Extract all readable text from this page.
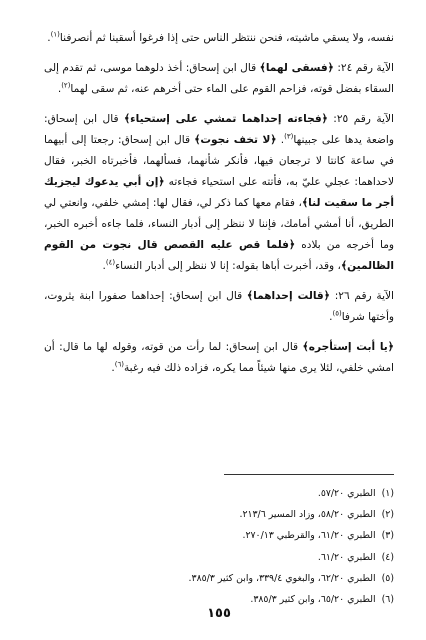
نفسه، ولا يسقي ماشيته، فنحن ننتظر الناس حتى إذا فرغوا أسقينا ثم أنصرفنا$^{(١)}$.

الآية رقم ٢٤: ﴿فسقى لهما﴾ قال ابن إسحاق: أخذ دلوهما موسى، ثم تقدم إلى السقاء بفضل قوته، فزاحم القوم على الماء حتى أخرهم عنه، ثم سقى لهما$^{(٢)}$.

الآية رقم ٢٥: ﴿فجاءته إحداهما تمشي على إستحياء﴾ قال ابن إسحاق: واضعة يدها على جبينها$^{(٣)}$. ﴿لا تخف نجوت﴾ قال ابن إسحاق: رجعتا إلى أبيهما في ساعة كانتا لا ترجعان فيها، فأنكر شأنهما، فسألهما، فأخبرتاه الخبر، فقال لاحداهما: عجلي عليّ به، فأتته على استحياء فجاءته ﴿إن أبي يدعوك ليجزيك أجر ما سقيت لنا﴾، فقام معها كما ذكر لي، فقال لها: إمشي خلفي، وانعتي لي الطريق، أنا أمشي أمامك، فإننا لا ننظر إلى أدبار النساء، فلما جاءه أخبره الخبر، وما أخرجه من بلاده ﴿فلما قص عليه القصص قال نجوت من القوم الظالمين﴾، وقد، أخبرت أباها بقوله: إنا لا ننظر إلى أدبار النساء$^{(٤)}$.

الآية رقم ٢٦: ﴿قالت إحداهما﴾ قال ابن إسحاق: إحداهما صفورا ابنة يثروت، وأختها شرفا$^{(٥)}$.

﴿يا أبت إستأجره﴾ قال ابن إسحاق: لما رأت من قوته، وقوله لها ما قال: أن امشي خلفي، لئلا يرى منها شيئاً مما يكره، فزاده ذلك فيه رغبة$^{(٦)}$.

(١)الطبري ٥٧/٢٠.
(٢)الطبري ٥٨/٢٠، وزاد المسير ٢١٣/٦.
(٣)الطبري ٦١/٢٠، والقرطبي ٢٧٠/١٣.
(٤)الطبري ٦١/٢٠.
(٥)الطبري ٦٢/٢٠، والبغوي ٣٣٩/٤، وابن كثير ٣٨٥/٣.
(٦)الطبري ٦٥/٢٠، وابن كثير ٣٨٥/٣.
١٥٥
